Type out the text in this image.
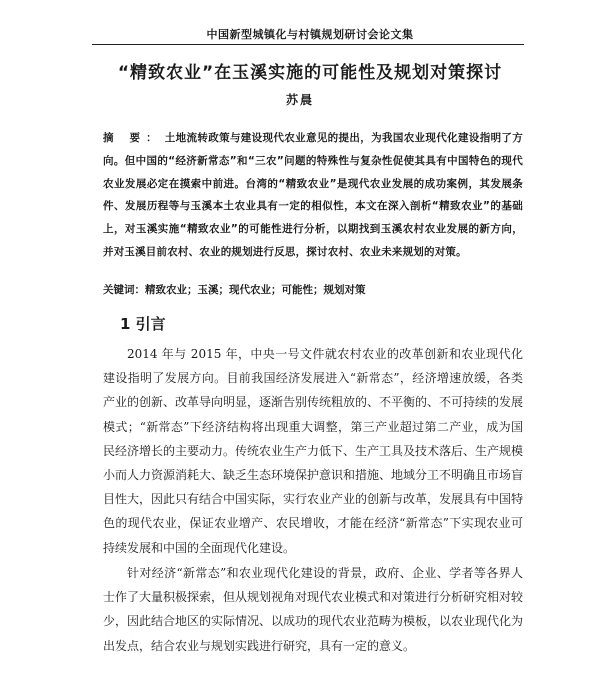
中国新型城镇化与村镇规划研讨会论文集
“精致农业”在玉溪实施的可能性及规划对策探讨
苏晨
摘 要： 土地流转政策与建设现代农业意见的提出，为我国农业现代化建设指明了方向。但中国的“经济新常态”和“三农”问题的特殊性与复杂性促使其具有中国特色的现代农业发展必定在摸索中前进。台湾的“精致农业”是现代农业发展的成功案例，其发展条件、发展历程等与玉溪本土农业具有一定的相似性，本文在深入剖析“精致农业”的基础上，对玉溪实施“精致农业”的可能性进行分析，以期找到玉溪农村农业发展的新方向，并对玉溪目前农村、农业的规划进行反思，探讨农村、农业未来规划的对策。
关键词：精致农业；玉溪；现代农业；可能性；规划对策
1 引言

2014 年与 2015 年，中央一号文件就农村农业的改革创新和农业现代化建设指明了发展方向。目前我国经济发展进入“新常态”，经济增速放缓，各类产业的创新、改革导向明显，逐渐告别传统粗放的、不平衡的、不可持续的发展模式；“新常态”下经济结构将出现重大调整，第三产业超过第二产业，成为国民经济增长的主要动力。传统农业生产力低下、生产工具及技术落后、生产规模小而人力资源消耗大、缺乏生态环境保护意识和措施、地域分工不明确且市场盲目性大，因此只有结合中国实际，实行农业产业的创新与改革，发展具有中国特色的现代农业，保证农业增产、农民增收，才能在经济“新常态”下实现农业可持续发展和中国的全面现代化建设。

针对经济“新常态”和农业现代化建设的背景，政府、企业、学者等各界人士作了大量积极探索，但从规划视角对现代农业模式和对策进行分析研究相对较少，因此结合地区的实际情况、以成功的现代农业范畴为模板，以农业现代化为出发点，结合农业与规划实践进行研究，具有一定的意义。
